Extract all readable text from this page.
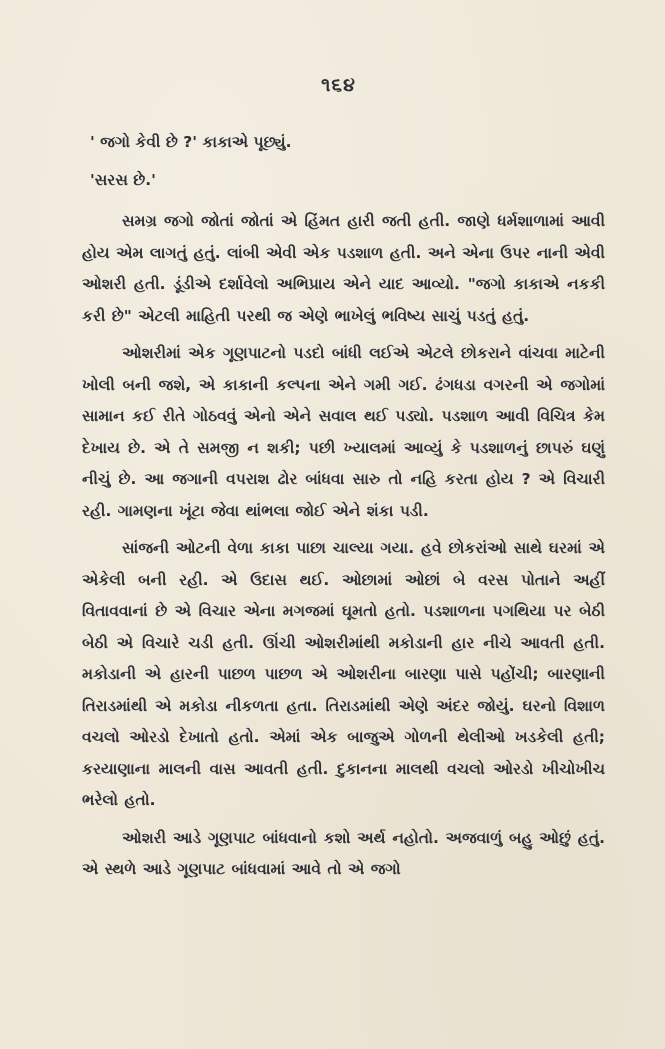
૧૬૪
' જગો કેવી છે ?' કાકાએ પૂછ્યું.
'સરસ છે.'

સમગ્ર જગો જોતાં જોતાં એ હિંમત હારી જતી હતી. જાણે ધર્મશાળામાં આવી હોય એમ લાગતું હતું. લાંબી એવી એક પડશાળ હતી. અને એના ઉપર નાની એવી ઓશરી હતી. ડૂંડીએ દર્શાવેલો અભિપ્રાય એને યાદ આવ્યો. "જગો કાકાએ નકકી કરી છે" એટલી માહિતી પરથી જ એણે ભાખેલું ભવિષ્ય સાચું પડતું હતું.

ઓશરીમાં એક ગૂણપાટનો પડદો બાંધી લઈએ એટલે છોકરાને વાંચવા માટેની ખોલી બની જશે, એ કાકાની કલ્પના એને ગમી ગઈ. ઢંગધડા વગરની એ જગોમાં સામાન કઈ રીતે ગોઠવવું એનો એને સવાલ થઈ પડ્યો. પડશાળ આવી વિચિત્ર કેમ દેખાય છે. એ તે સમજી ન શકી; પછી ખ્યાલમાં આવ્યું કે પડશાળનું છાપરું ઘણું નીચું છે. આ જગાની વપરાશ ઢોર બાંધવા સારુ તો નહિ કરતા હોય ? એ વિચારી રહી. ગામણના ખૂંટા જેવા થાંભલા જોઈ એને શંકા પડી.

સાંજની ઓટની વેળા કાકા પાછા ચાલ્યા ગયા. હવે છોકરાંઓ સાથે ઘરમાં એ એકેલી બની રહી. એ ઉદાસ થઈ. ઓછામાં ઓછાં બે વરસ પોતાને અહીં વિતાવવાનાં છે એ વિચાર એના મગજમાં ઘૂમતો હતો. પડશાળના પગથિયા પર બેઠી બેઠી એ વિચારે ચડી હતી. ઊંચી ઓશરીમાંથી મકોડાની હાર નીચે આવતી હતી. મકોડાની એ હારની પાછળ પાછળ એ ઓશરીના બારણા પાસે પહોંચી; બારણાની તિરાડમાંથી એ મકોડા નીકળતા હતા. તિરાડમાંથી એણે અંદર જોયું. ઘરનો વિશાળ વચલો ઓરડો દેખાતો હતો. એમાં એક બાજુએ ગોળની થેલીઓ ખડકેલી હતી; કરયાણાના માલની વાસ આવતી હતી. દુકાનના માલથી વચલો ઓરડો ખીચોખીચ ભરેલો હતો.

ઓશરી આડે ગૂણપાટ બાંધવાનો કશો અર્થ નહોતો. અજવાળું બહુ ઓછું હતું. એ સ્થળે આડે ગૂણપાટ બાંધવામાં આવે તો એ જગો
